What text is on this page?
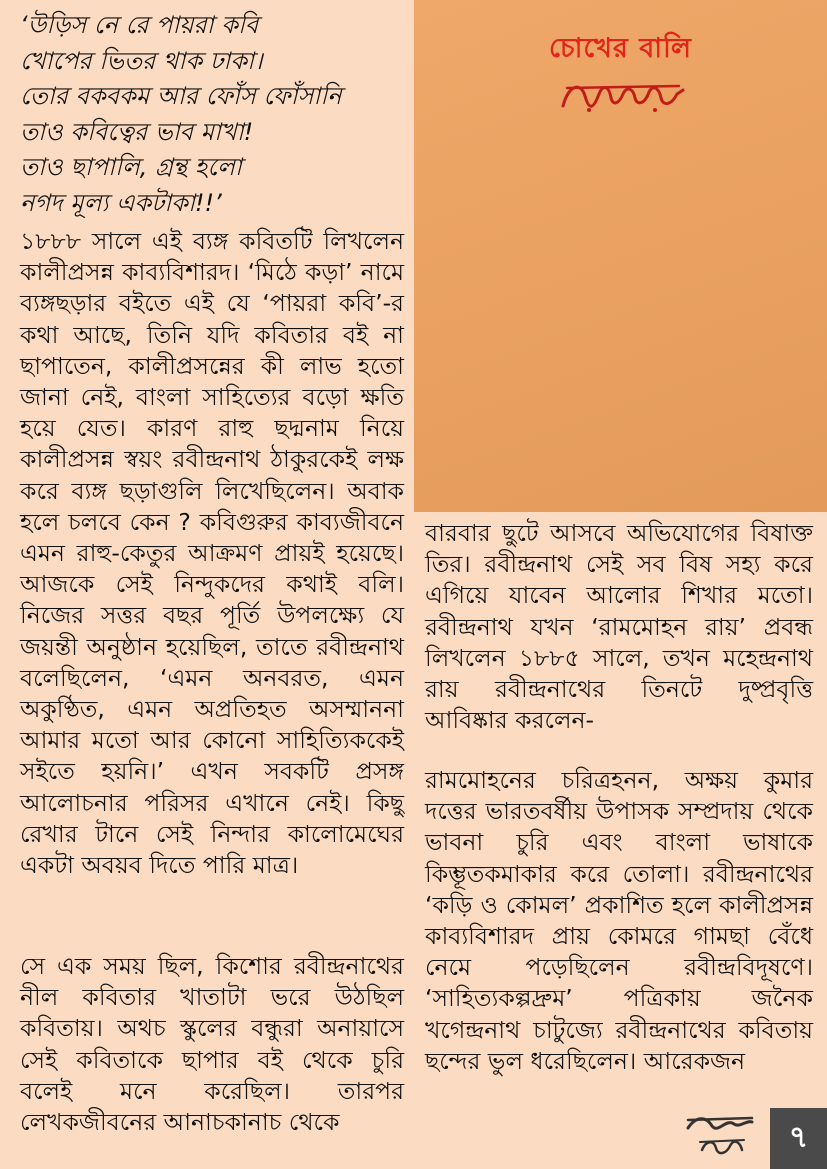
‘উড়িস নে রে পায়রা কবি
খোপের ভিতর থাক ঢাকা।
তোর বকবকম আর ফোঁস ফোঁসানি
তাও কবিত্বের ভাব মাখা!
তাও ছাপালি, গ্রন্থ হলো
নগদ মূল্য একটাকা!!’

১৮৮৮ সালে এই ব্যঙ্গ কবিতটি লিখলেন কালীপ্রসন্ন কাব্যবিশারদ। ‘মিঠে কড়া’ নামে ব্যঙ্গছড়ার বইতে এই যে ‘পায়রা কবি’-র কথা আছে, তিনি যদি কবিতার বই না ছাপাতেন, কালীপ্রসন্নের কী লাভ হতো জানা নেই, বাংলা সাহিত্যের বড়ো ক্ষতি হয়ে যেত। কারণ রাহু ছদ্মনাম নিয়ে কালীপ্রসন্ন স্বয়ং রবীন্দ্রনাথ ঠাকুরকেই লক্ষ করে ব্যঙ্গ ছড়াগুলি লিখেছিলেন। অবাক হলে চলবে কেন ? কবিগুরুর কাব্যজীবনে এমন রাহু-কেতুর আক্রমণ প্রায়ই হয়েছে। আজকে সেই নিন্দুকদের কথাই বলি। নিজের সত্তর বছর পূর্তি উপলক্ষ্যে যে জয়ন্তী অনুষ্ঠান হয়েছিল, তাতে রবীন্দ্রনাথ বলেছিলেন, ‘এমন অনবরত, এমন অকুণ্ঠিত, এমন অপ্রতিহত অসম্মাননা আমার মতো আর কোনো সাহিত্যিককেই সইতে হয়নি।’ এখন সবকটি প্রসঙ্গ আলোচনার পরিসর এখানে নেই। কিছু রেখার টানে সেই নিন্দার কালোমেঘের একটা অবয়ব দিতে পারি মাত্র।

সে এক সময় ছিল, কিশোর রবীন্দ্রনাথের নীল কবিতার খাতাটা ভরে উঠছিল কবিতায়। অথচ স্কুলের বন্ধুরা অনায়াসে সেই কবিতাকে ছাপার বই থেকে চুরি বলেই মনে করেছিল। তারপর লেখকজীবনের আনাচকানাচ থেকে

চোখের বালি

বারবার ছুটে আসবে অভিযোগের বিষাক্ত তির। রবীন্দ্রনাথ সেই সব বিষ সহ্য করে এগিয়ে যাবেন আলোর শিখার মতো। রবীন্দ্রনাথ যখন ‘রামমোহন রায়’ প্রবন্ধ লিখলেন ১৮৮৫ সালে, তখন মহেন্দ্রনাথ রায় রবীন্দ্রনাথের তিনটে দুষ্প্রবৃত্তি আবিষ্কার করলেন-

রামমোহনের চরিত্রহনন, অক্ষয় কুমার দত্তের ভারতবর্ষীয় উপাসক সম্প্রদায় থেকে ভাবনা চুরি এবং বাংলা ভাষাকে কিম্ভূতকমাকার করে তোলা। রবীন্দ্রনাথের ‘কড়ি ও কোমল’ প্রকাশিত হলে কালীপ্রসন্ন কাব্যবিশারদ প্রায় কোমরে গামছা বেঁধে নেমে পড়েছিলেন রবীন্দ্রবিদূষণে। ‘সাহিত্যকল্পদ্রুম’ পত্রিকায় জনৈক খগেন্দ্রনাথ চাটুজ্যে রবীন্দ্রনাথের কবিতায় ছন্দের ভুল ধরেছিলেন। আরেকজন

৭
